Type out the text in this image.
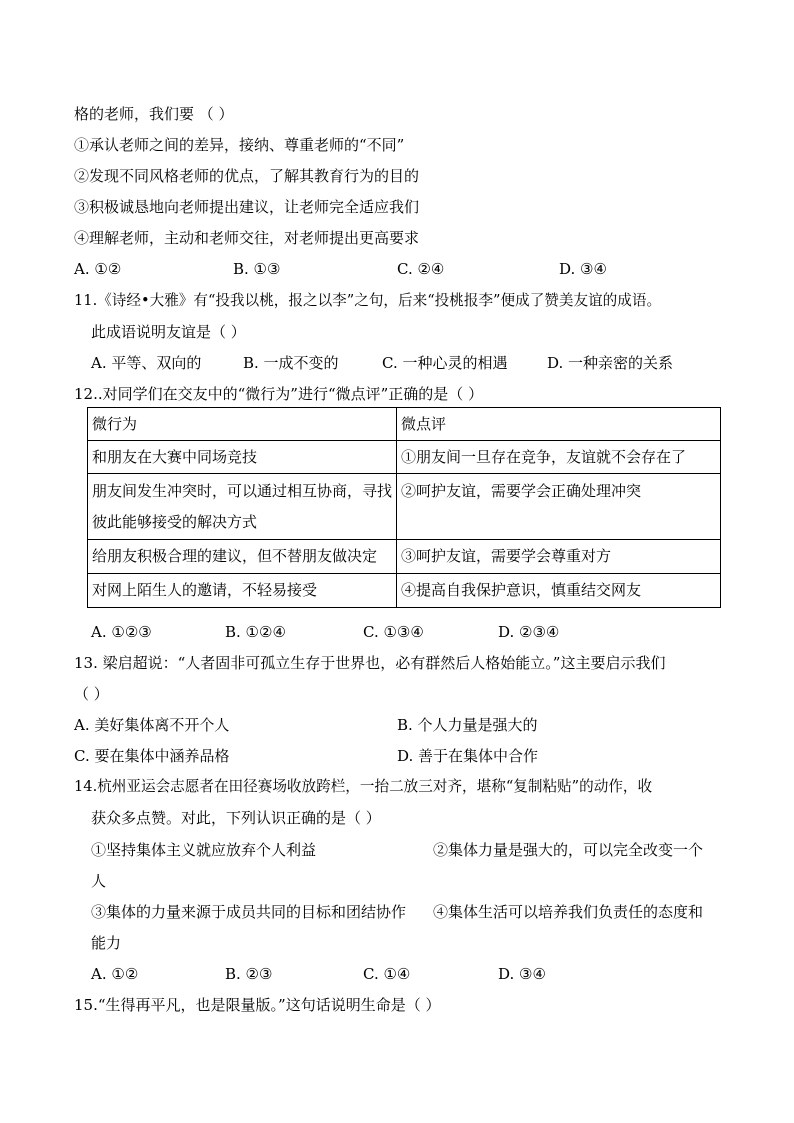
格的老师，我们要 （ ）
①承认老师之间的差异，接纳、尊重老师的“不同”
②发现不同风格老师的优点，了解其教育行为的目的
③积极诚恳地向老师提出建议，让老师完全适应我们
④理解老师，主动和老师交往，对老师提出更高要求
A. ①②	B. ①③	C. ②④	D. ③④
11.《诗经•大雅》有“投我以桃，报之以李”之句，后来“投桃报李”便成了赞美友谊的成语。
此成语说明友谊是（ ）
A. 平等、双向的	B. 一成不变的	C. 一种心灵的相遇	D. 一种亲密的关系
12..对同学们在交友中的“微行为”进行“微点评”正确的是（ ）
微行为	微点评
和朋友在大赛中同场竞技	①朋友间一旦存在竞争，友谊就不会存在了
朋友间发生冲突时，可以通过相互协商，寻找彼此能够接受的解决方式	②呵护友谊，需要学会正确处理冲突
给朋友积极合理的建议，但不替朋友做决定	③呵护友谊，需要学会尊重对方
对网上陌生人的邀请，不轻易接受	④提高自我保护意识，慎重结交网友
A. ①②③	B. ①②④	C. ①③④	D. ②③④
13. 梁启超说：“人者固非可孤立生存于世界也，必有群然后人格始能立。”这主要启示我们
（ ）
A. 美好集体离不开个人	B. 个人力量是强大的
C. 要在集体中涵养品格	D. 善于在集体中合作
14.杭州亚运会志愿者在田径赛场收放跨栏，一抬二放三对齐，堪称“复制粘贴”的动作，收
获众多点赞。对此，下列认识正确的是（ ）
①坚持集体主义就应放弃个人利益	②集体力量是强大的，可以完全改变一个
人
③集体的力量来源于成员共同的目标和团结协作 ④集体生活可以培养我们负责任的态度和
能力
A. ①②	B. ②③	C. ①④	D. ③④
15.“生得再平凡，也是限量版。”这句话说明生命是（ ）
